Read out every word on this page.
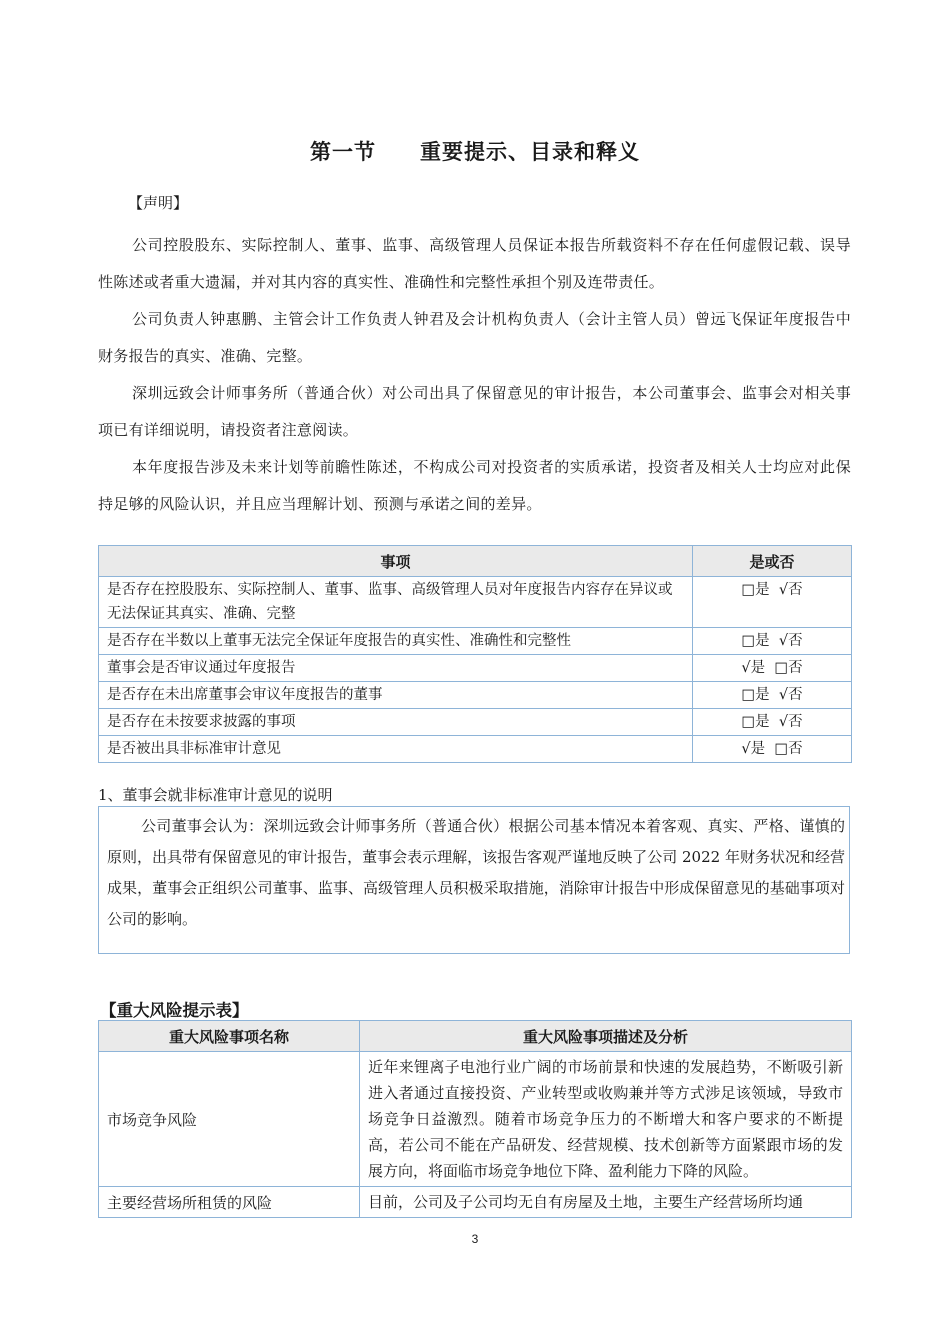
第一节　　重要提示、目录和释义
【声明】
公司控股股东、实际控制人、董事、监事、高级管理人员保证本报告所载资料不存在任何虚假记载、误导性陈述或者重大遗漏，并对其内容的真实性、准确性和完整性承担个别及连带责任。
公司负责人钟惠鹏、主管会计工作负责人钟君及会计机构负责人（会计主管人员）曾远飞保证年度报告中财务报告的真实、准确、完整。
深圳远致会计师事务所（普通合伙）对公司出具了保留意见的审计报告，本公司董事会、监事会对相关事项已有详细说明，请投资者注意阅读。
本年度报告涉及未来计划等前瞻性陈述，不构成公司对投资者的实质承诺，投资者及相关人士均应对此保持足够的风险认识，并且应当理解计划、预测与承诺之间的差异。
事项	是或否
是否存在控股股东、实际控制人、董事、监事、高级管理人员对年度报告内容存在异议或无法保证其真实、准确、完整	□是  √否
是否存在半数以上董事无法完全保证年度报告的真实性、准确性和完整性	□是  √否
董事会是否审议通过年度报告	√是  □否
是否存在未出席董事会审议年度报告的董事	□是  √否
是否存在未按要求披露的事项	□是  √否
是否被出具非标准审计意见	√是  □否
1、董事会就非标准审计意见的说明
公司董事会认为：深圳远致会计师事务所（普通合伙）根据公司基本情况本着客观、真实、严格、谨慎的原则，出具带有保留意见的审计报告，董事会表示理解，该报告客观严谨地反映了公司 2022 年财务状况和经营成果，董事会正组织公司董事、监事、高级管理人员积极采取措施，消除审计报告中形成保留意见的基础事项对公司的影响。
【重大风险提示表】
重大风险事项名称	重大风险事项描述及分析
市场竞争风险	近年来锂离子电池行业广阔的市场前景和快速的发展趋势，不断吸引新进入者通过直接投资、产业转型或收购兼并等方式涉足该领域，导致市场竞争日益激烈。随着市场竞争压力的不断增大和客户要求的不断提高，若公司不能在产品研发、经营规模、技术创新等方面紧跟市场的发展方向，将面临市场竞争地位下降、盈利能力下降的风险。
主要经营场所租赁的风险	目前，公司及子公司均无自有房屋及土地，主要生产经营场所均通
3
